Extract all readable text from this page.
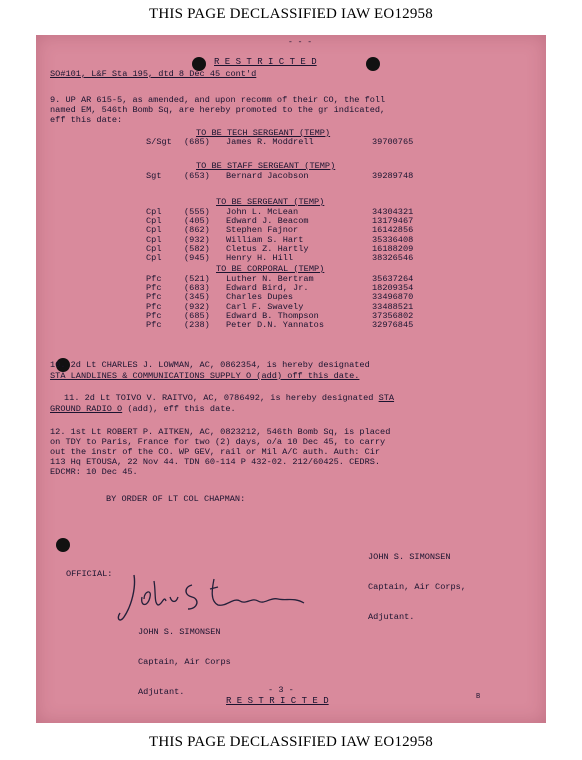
THIS PAGE DECLASSIFIED IAW EO12958
- - -
R E S T R I C T E D
SO#101, L&F Sta 195, dtd 8 Dec 45 cont'd
9. UP AR 615-5, as amended, and upon recomm of their CO, the foll
named EM, 546th Bomb Sq, are hereby promoted to the gr indicated,
eff this date:
TO BE TECH SERGEANT (TEMP)
S/Sgt	(685)	James R. Moddrell	39700765
TO BE STAFF SERGEANT (TEMP)
Sgt	(653)	Bernard Jacobson	39289748
TO BE SERGEANT (TEMP)
Cpl	(555)	John L. McLean	34304321
Cpl	(405)	Edward J. Beacom	13179467
Cpl	(862)	Stephen Fajnor	16142856
Cpl	(932)	William S. Hart	35336408
Cpl	(582)	Cletus Z. Hartly	16188209
Cpl	(945)	Henry H. Hill	38326546
TO BE CORPORAL (TEMP)
Pfc	(521)	Luther N. Bertram	35637264
Pfc	(683)	Edward Bird, Jr.	18209354
Pfc	(345)	Charles Dupes	33496870
Pfc	(932)	Carl F. Swavely	33488521
Pfc	(685)	Edward B. Thompson	37356802
Pfc	(238)	Peter D.N. Yannatos	32976845
10. 2d Lt CHARLES J. LOWMAN, AC, 0862354, is hereby designated
STA LANDLINES & COMMUNICATIONS SUPPLY O (add) off this date.
11. 2d Lt TOIVO V. RAITVO, AC, 0786492, is hereby designated STA
GROUND RADIO O (add), eff this date.
12. 1st Lt ROBERT P. AITKEN, AC, 0823212, 546th Bomb Sq, is placed
on TDY to Paris, France for two (2) days, o/a 10 Dec 45, to carry
out the instr of the CO. WP GEV, rail or Mil A/C auth. Auth: Cir
113 Hq ETOUSA, 22 Nov 44. TDN 60-114 P 432-02. 212/60425. CEDRS.
EDCMR: 10 Dec 45.
BY ORDER OF LT COL CHAPMAN:

JOHN S. SIMONSEN

Captain, Air Corps,

Adjutant.

OFFICIAL:

JOHN S. SIMONSEN

Captain, Air Corps

Adjutant.

	- 3 -
R E S T R I C T E D	B
THIS PAGE DECLASSIFIED IAW EO12958
